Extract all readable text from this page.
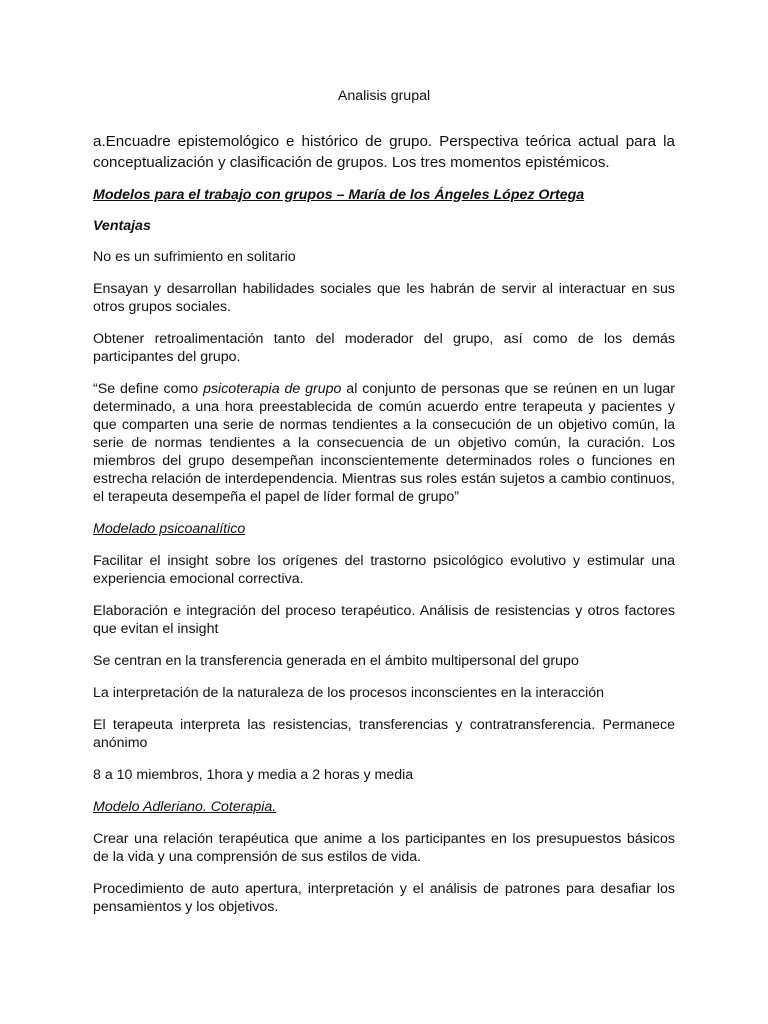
Analisis grupal
a.Encuadre epistemológico e histórico de grupo. Perspectiva teórica actual para la conceptualización y clasificación de grupos. Los tres momentos epistémicos.
Modelos para el trabajo con grupos – María de los Ángeles López Ortega
Ventajas

No es un sufrimiento en solitario

Ensayan y desarrollan habilidades sociales que les habrán de servir al interactuar en sus otros grupos sociales.

Obtener retroalimentación tanto del moderador del grupo, así como de los demás participantes del grupo.

“Se define como psicoterapia de grupo al conjunto de personas que se reúnen en un lugar determinado, a una hora preestablecida de común acuerdo entre terapeuta y pacientes y que comparten una serie de normas tendientes a la consecución de un objetivo común, la serie de normas tendientes a la consecuencia de un objetivo común, la curación. Los miembros del grupo desempeñan inconscientemente determinados roles o funciones en estrecha relación de interdependencia. Mientras sus roles están sujetos a cambio continuos, el terapeuta desempeña el papel de líder formal de grupo”

Modelado psicoanalítico

Facilitar el insight sobre los orígenes del trastorno psicológico evolutivo y estimular una experiencia emocional correctiva.

Elaboración e integración del proceso terapéutico. Análisis de resistencias y otros factores que evitan el insight

Se centran en la transferencia generada en el ámbito multipersonal del grupo

La interpretación de la naturaleza de los procesos inconscientes en la interacción

El terapeuta interpreta las resistencias, transferencias y contratransferencia. Permanece anónimo

8 a 10 miembros, 1hora y media a 2 horas y media

Modelo Adleriano. Coterapia.

Crear una relación terapéutica que anime a los participantes en los presupuestos básicos de la vida y una comprensión de sus estilos de vida.

Procedimiento de auto apertura, interpretación y el análisis de patrones para desafiar los pensamientos y los objetivos.
